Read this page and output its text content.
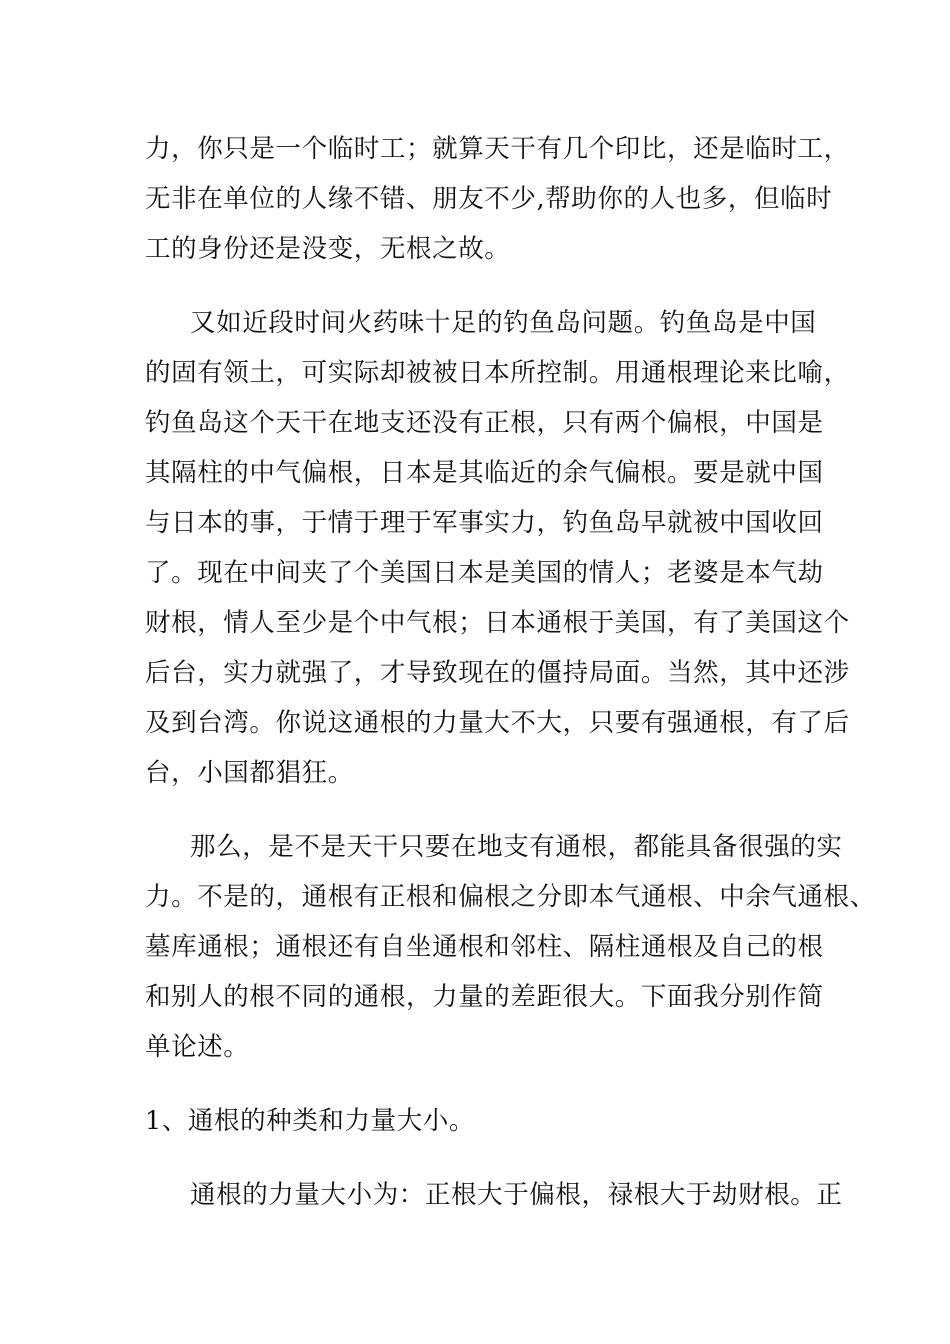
力，你只是一个临时工；就算天干有几个印比，还是临时工，
无非在单位的人缘不错、朋友不少,帮助你的人也多，但临时
工的身份还是没变，无根之故。
又如近段时间火药味十足的钓鱼岛问题。钓鱼岛是中国
的固有领土，可实际却被被日本所控制。用通根理论来比喻，
钓鱼岛这个天干在地支还没有正根，只有两个偏根，中国是
其隔柱的中气偏根，日本是其临近的余气偏根。要是就中国
与日本的事，于情于理于军事实力，钓鱼岛早就被中国收回
了。现在中间夹了个美国日本是美国的情人；老婆是本气劫
财根，情人至少是个中气根；日本通根于美国，有了美国这个
后台，实力就强了，才导致现在的僵持局面。当然，其中还涉
及到台湾。你说这通根的力量大不大，只要有强通根，有了后
台，小国都猖狂。
那么，是不是天干只要在地支有通根，都能具备很强的实
力。不是的，通根有正根和偏根之分即本气通根、中余气通根、
墓库通根；通根还有自坐通根和邻柱、隔柱通根及自己的根
和别人的根不同的通根，力量的差距很大。下面我分别作简
单论述。
1、通根的种类和力量大小。
通根的力量大小为：正根大于偏根，禄根大于劫财根。正
